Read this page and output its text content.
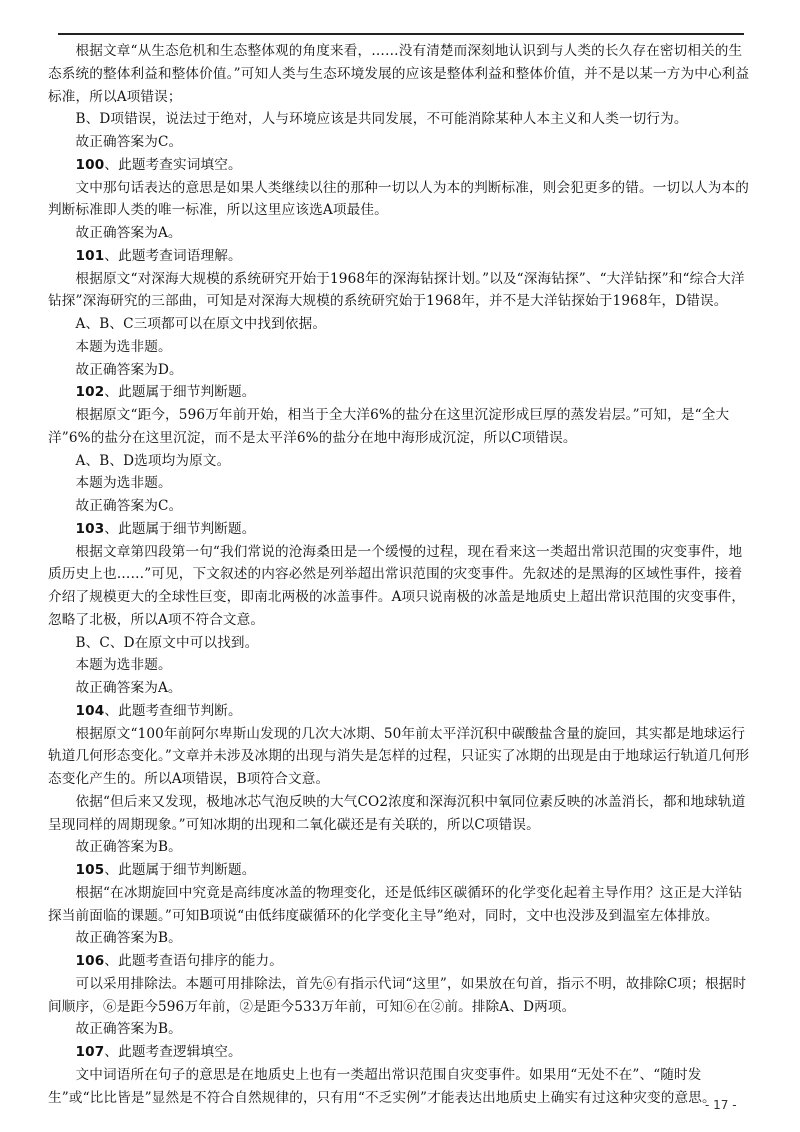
根据文章“从生态危机和生态整体观的角度来看，……没有清楚而深刻地认识到与人类的长久存在密切相关的生态系统的整体利益和整体价值。”可知人类与生态环境发展的应该是整体利益和整体价值，并不是以某一方为中心利益标准，所以A项错误；

B、D项错误，说法过于绝对，人与环境应该是共同发展，不可能消除某种人本主义和人类一切行为。

故正确答案为C。

100、此题考查实词填空。

文中那句话表达的意思是如果人类继续以往的那种一切以人为本的判断标准，则会犯更多的错。一切以人为本的判断标准即人类的唯一标准，所以这里应该选A项最佳。

故正确答案为A。

101、此题考查词语理解。

根据原文“对深海大规模的系统研究开始于1968年的深海钻探计划。”以及“深海钻探”、“大洋钻探”和“综合大洋钻探”深海研究的三部曲，可知是对深海大规模的系统研究始于1968年，并不是大洋钻探始于1968年，D错误。

A、B、C三项都可以在原文中找到依据。

本题为选非题。

故正确答案为D。

102、此题属于细节判断题。

根据原文“距今，596万年前开始，相当于全大洋6%的盐分在这里沉淀形成巨厚的蒸发岩层。”可知，是“全大洋”6%的盐分在这里沉淀，而不是太平洋6%的盐分在地中海形成沉淀，所以C项错误。

A、B、D选项均为原文。

本题为选非题。

故正确答案为C。

103、此题属于细节判断题。

根据文章第四段第一句“我们常说的沧海桑田是一个缓慢的过程，现在看来这一类超出常识范围的灾变事件，地质历史上也……”可见，下文叙述的内容必然是列举超出常识范围的灾变事件。先叙述的是黑海的区域性事件，接着介绍了规模更大的全球性巨变，即南北两极的冰盖事件。A项只说南极的冰盖是地质史上超出常识范围的灾变事件，忽略了北极，所以A项不符合文意。

B、C、D在原文中可以找到。

本题为选非题。

故正确答案为A。

104、此题考查细节判断。

根据原文“100年前阿尔卑斯山发现的几次大冰期、50年前太平洋沉积中碳酸盐含量的旋回，其实都是地球运行轨道几何形态变化。”文章并未涉及冰期的出现与消失是怎样的过程，只证实了冰期的出现是由于地球运行轨道几何形态变化产生的。所以A项错误，B项符合文意。

依据“但后来又发现，极地冰芯气泡反映的大气CO2浓度和深海沉积中氧同位素反映的冰盖消长，都和地球轨道呈现同样的周期现象。”可知冰期的出现和二氧化碳还是有关联的，所以C项错误。

故正确答案为B。

105、此题属于细节判断题。

根据“在冰期旋回中究竟是高纬度冰盖的物理变化，还是低纬区碳循环的化学变化起着主导作用？这正是大洋钻探当前面临的课题。”可知B项说“由低纬度碳循环的化学变化主导”绝对，同时，文中也没涉及到温室左体排放。

故正确答案为B。

106、此题考查语句排序的能力。

可以采用排除法。本题可用排除法，首先⑥有指示代词“这里”，如果放在句首，指示不明，故排除C项；根据时间顺序，⑥是距今596万年前，②是距今533万年前，可知⑥在②前。排除A、D两项。

故正确答案为B。

107、此题考查逻辑填空。

文中词语所在句子的意思是在地质史上也有一类超出常识范围自灾变事件。如果用“无处不在”、“随时发生”或“比比皆是”显然是不符合自然规律的，只有用“不乏实例”才能表达出地质史上确实有过这种灾变的意思。

- 17 -
